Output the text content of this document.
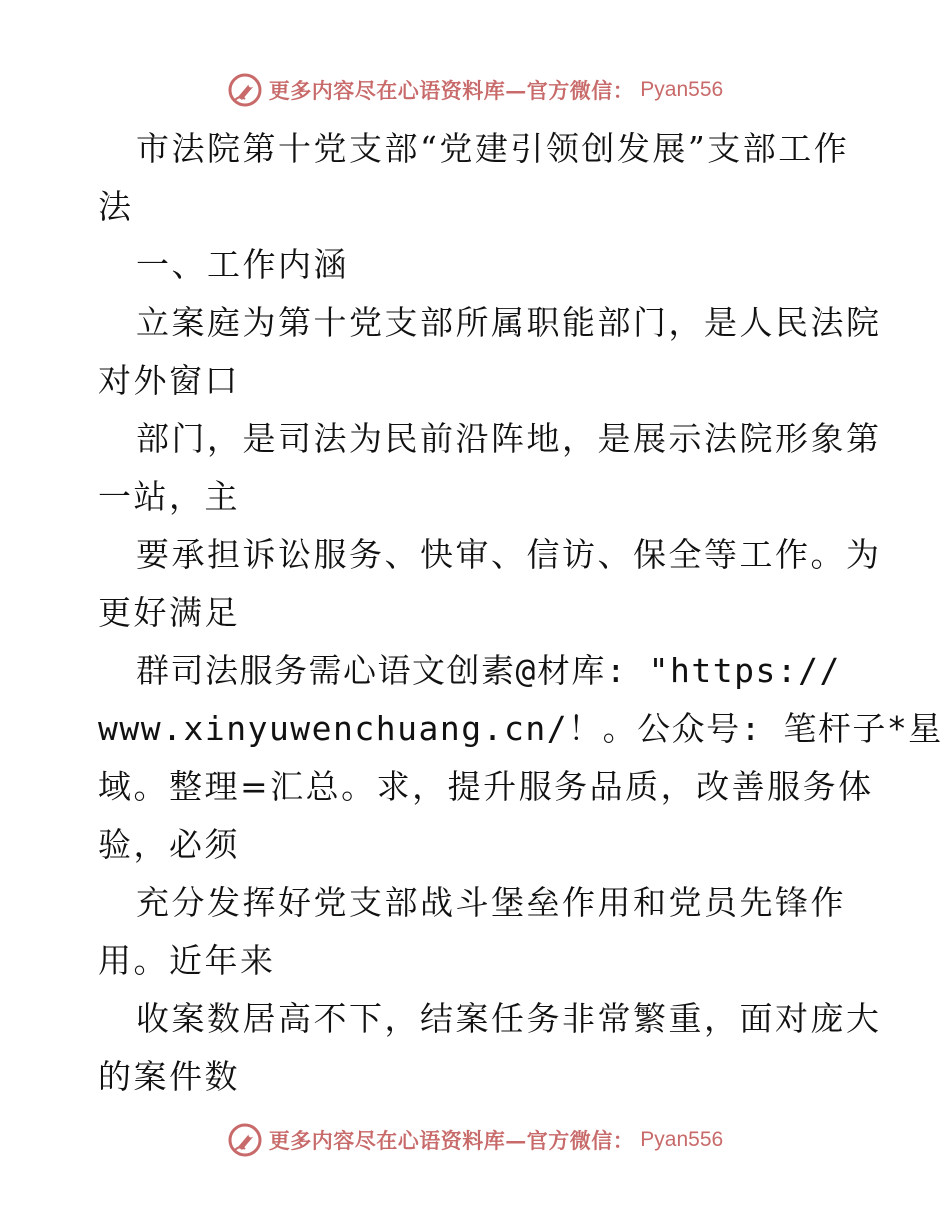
更多内容尽在心语资料库—官方微信： Pyan556
市法院第十党支部“党建引领创发展”支部工作
法
一、工作内涵
立案庭为第十党支部所属职能部门，是人民法院
对外窗口
部门，是司法为民前沿阵地，是展示法院形象第
一站，主
要承担诉讼服务、快审、信访、保全等工作。为
更好满足
群司法服务需心语文创素@材库: "https://
www.xinyuwenchuang.cn/！。公众号: 笔杆子*星
域。整理=汇总。求，提升服务品质，改善服务体
验，必须
充分发挥好党支部战斗堡垒作用和党员先锋作
用。近年来
收案数居高不下，结案任务非常繁重，面对庞大
的案件数
更多内容尽在心语资料库—官方微信： Pyan556
